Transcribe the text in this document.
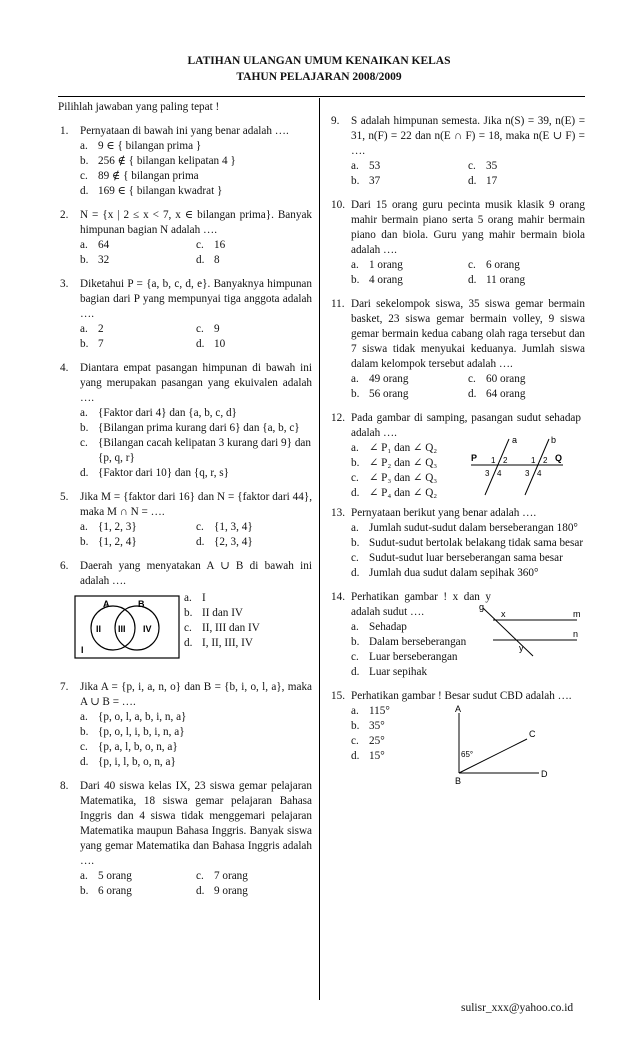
LATIHAN ULANGAN UMUM KENAIKAN KELAS
TAHUN PELAJARAN 2008/2009
Pilihlah jawaban yang paling tepat !
1. Pernyataan di bawah ini yang benar adalah ….
a. 9 ∈ { bilangan prima }
b. 256 ∉ { bilangan kelipatan 4 }
c. 89 ∉ { bilangan prima
d. 169 ∈ { bilangan kwadrat }
2. N = {x | 2 ≤ x < 7, x ∈ bilangan prima}. Banyak himpunan bagian N adalah ….
a. 64	c. 16
b. 32	d. 8
3. Diketahui P = {a, b, c, d, e}. Banyaknya himpunan bagian dari P yang mempunyai tiga anggota adalah ….
a. 2	c. 9
b. 7	d. 10
4. Diantara empat pasangan himpunan di bawah ini yang merupakan pasangan yang ekuivalen adalah ….
a. {Faktor dari 4} dan {a, b, c, d}
b. {Bilangan prima kurang dari 6} dan {a, b, c}
c. {Bilangan cacah kelipatan 3 kurang dari 9} dan {p, q, r}
d. {Faktor dari 10} dan {q, r, s}
5. Jika M = {faktor dari 16} dan N = {faktor dari 44}, maka M ∩ N = ….
a. {1, 2, 3}	c. {1, 3, 4}
b. {1, 2, 4}	d. {2, 3, 4}
6. Daerah yang menyatakan A ∪ B di bawah ini adalah ….
A	B
II III IV
I
a. I
b. II dan IV
c. II, III dan IV
d. I, II, III, IV
7. Jika A = {p, i, a, n, o} dan B = {b, i, o, l, a}, maka A ∪ B = ….
a. {p, o, l, a, b, i, n, a}
b. {p, o, l, i, b, i, n, a}
c. {p, a, l, b, o, n, a}
d. {p, i, l, b, o, n, a}
8. Dari 40 siswa kelas IX, 23 siswa gemar pelajaran Matematika, 18 siswa gemar pelajaran Bahasa Inggris dan 4 siswa tidak menggemari pelajaran Matematika maupun Bahasa Inggris. Banyak siswa yang gemar Matematika dan Bahasa Inggris adalah ….
a. 5 orang	c. 7 orang
b. 6 orang	d. 9 orang
9. S adalah himpunan semesta. Jika n(S) = 39, n(E) = 31, n(F) = 22 dan n(E ∩ F) = 18, maka n(E ∪ F) = ….
a. 53	c. 35
b. 37	d. 17
10. Dari 15 orang guru pecinta musik klasik 9 orang mahir bermain piano serta 5 orang mahir bermain piano dan biola. Guru yang mahir bermain biola adalah ….
a. 1 orang	c. 6 orang
b. 4 orang	d. 11 orang
11. Dari sekelompok siswa, 35 siswa gemar bermain basket, 23 siswa gemar bermain volley, 9 siswa gemar bermain kedua cabang olah raga tersebut dan 7 siswa tidak menyukai keduanya. Jumlah siswa dalam kelompok tersebut adalah ….
a. 49 orang	c. 60 orang
b. 56 orang	d. 64 orang
12. Pada gambar di samping, pasangan sudut sehadap adalah ….
a. ∠ P₁ dan ∠ Q₂
b. ∠ P₂ dan ∠ Q₃
c. ∠ P₃ dan ∠ Q₃
d. ∠ P₄ dan ∠ Q₂
a	b
P	Q
1 2
3 4
1 2
3 4
13. Pernyataan berikut yang benar adalah ….
a. Jumlah sudut-sudut dalam berseberangan 180°
b. Sudut-sudut bertolak belakang tidak sama besar
c. Sudut-sudut luar berseberangan sama besar
d. Jumlah dua sudut dalam sepihak 360°
14. Perhatikan gambar ! x dan y adalah sudut ….
a. Sehadap
b. Dalam berseberangan
c. Luar berseberangan
d. Luar sepihak
g
x
y
m
n
15. Perhatikan gambar ! Besar sudut CBD adalah ….
a. 115°
b. 35°
c. 25°
d. 15°
A
B
C
D
65°
sulisr_xxx@yahoo.co.id
